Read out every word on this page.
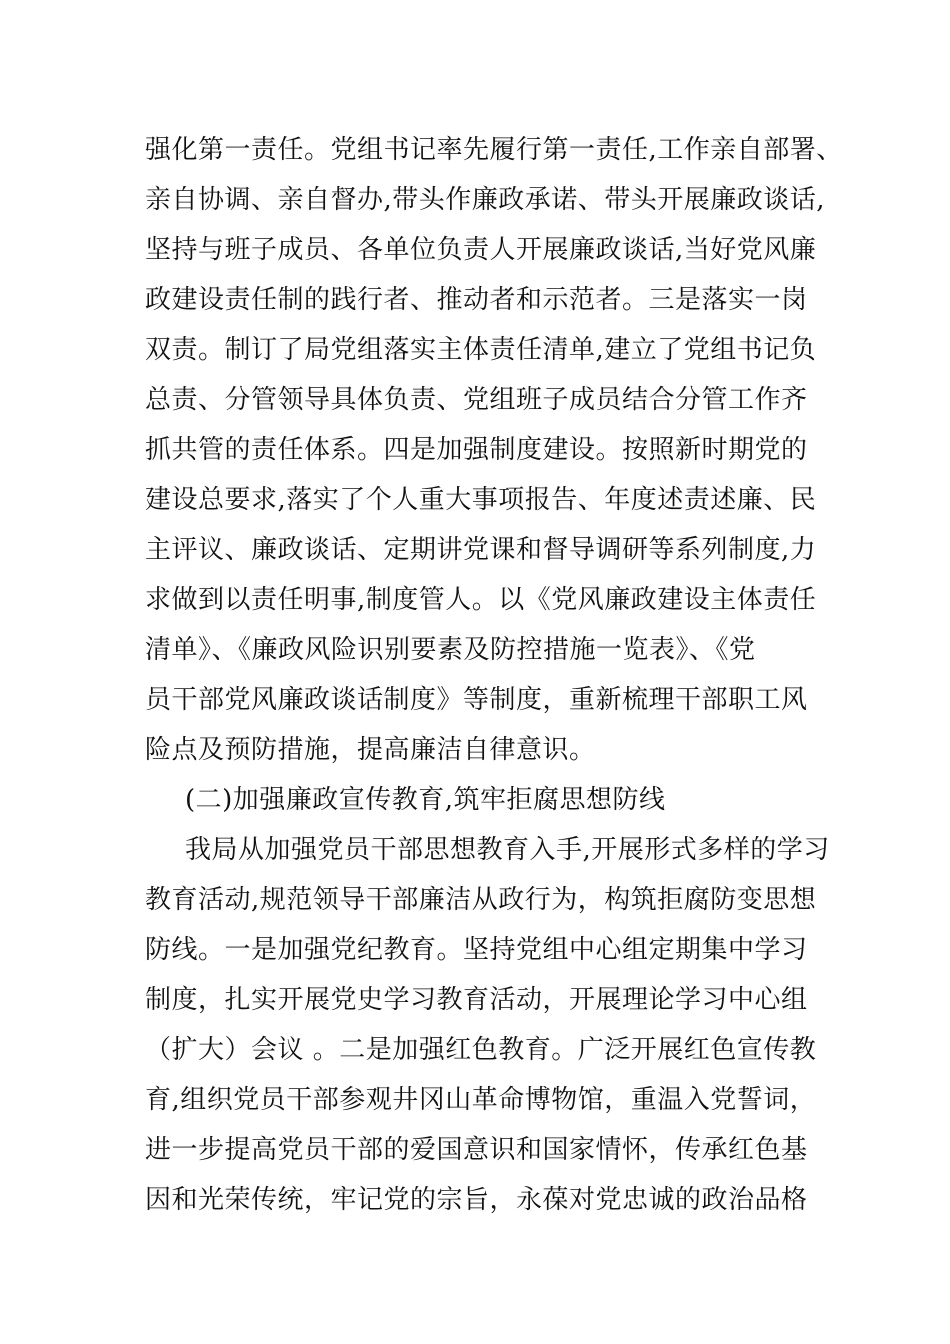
强化第一责任。党组书记率先履行第一责任,工作亲自部署、
亲自协调、亲自督办,带头作廉政承诺、带头开展廉政谈话,
坚持与班子成员、各单位负责人开展廉政谈话,当好党风廉
政建设责任制的践行者、推动者和示范者。三是落实一岗
双责。制订了局党组落实主体责任清单,建立了党组书记负
总责、分管领导具体负责、党组班子成员结合分管工作齐
抓共管的责任体系。四是加强制度建设。按照新时期党的
建设总要求,落实了个人重大事项报告、年度述责述廉、民
主评议、廉政谈话、定期讲党课和督导调研等系列制度,力
求做到以责任明事,制度管人。以《党风廉政建设主体责任
清单》、《廉政风险识别要素及防控措施一览表》、《党
员干部党风廉政谈话制度》等制度，重新梳理干部职工风
险点及预防措施，提高廉洁自律意识。
(二)加强廉政宣传教育,筑牢拒腐思想防线
我局从加强党员干部思想教育入手,开展形式多样的学习
教育活动,规范领导干部廉洁从政行为，构筑拒腐防变思想
防线。一是加强党纪教育。坚持党组中心组定期集中学习
制度，扎实开展党史学习教育活动，开展理论学习中心组
（扩大）会议 。二是加强红色教育。广泛开展红色宣传教
育,组织党员干部参观井冈山革命博物馆，重温入党誓词，
进一步提高党员干部的爱国意识和国家情怀，传承红色基
因和光荣传统，牢记党的宗旨，永葆对党忠诚的政治品格
